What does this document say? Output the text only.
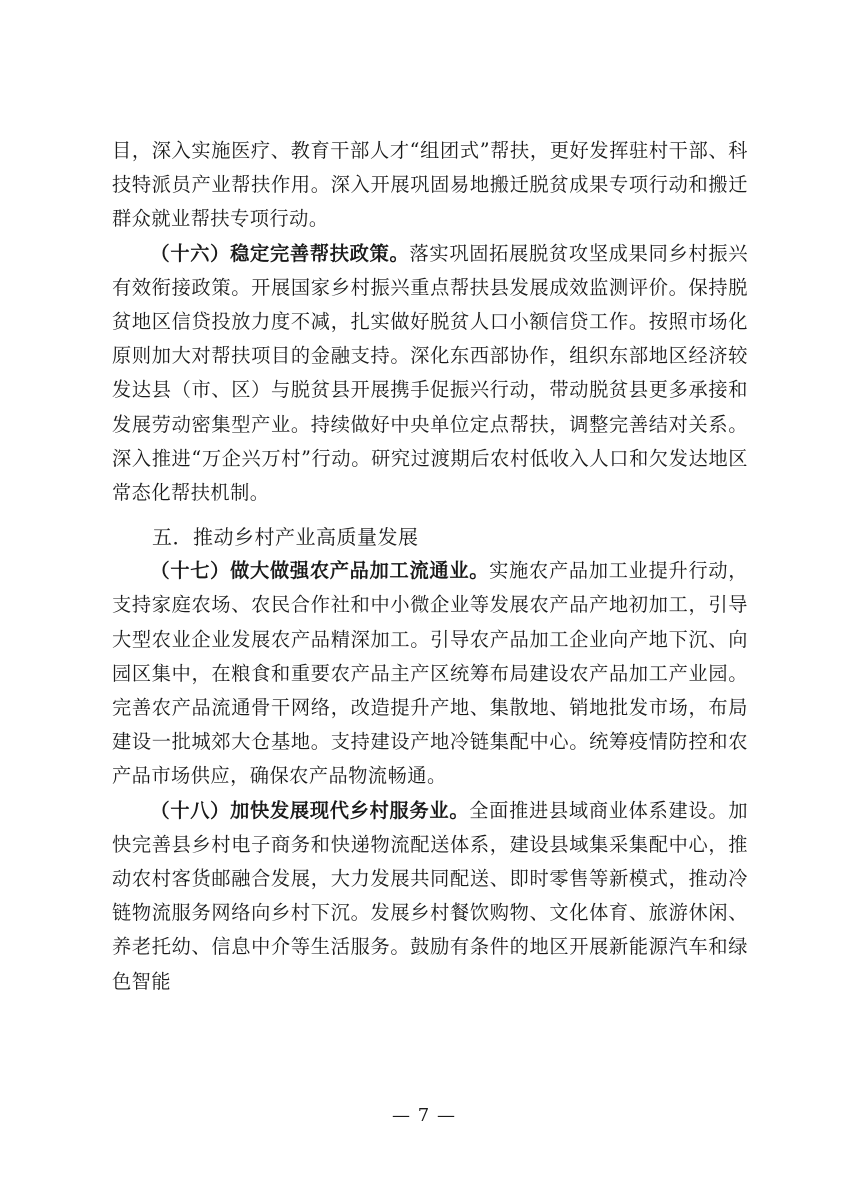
目，深入实施医疗、教育干部人才“组团式”帮扶，更好发挥驻村干部、科技特派员产业帮扶作用。深入开展巩固易地搬迁脱贫成果专项行动和搬迁群众就业帮扶专项行动。

（十六）稳定完善帮扶政策。落实巩固拓展脱贫攻坚成果同乡村振兴有效衔接政策。开展国家乡村振兴重点帮扶县发展成效监测评价。保持脱贫地区信贷投放力度不减，扎实做好脱贫人口小额信贷工作。按照市场化原则加大对帮扶项目的金融支持。深化东西部协作，组织东部地区经济较发达县（市、区）与脱贫县开展携手促振兴行动，带动脱贫县更多承接和发展劳动密集型产业。持续做好中央单位定点帮扶，调整完善结对关系。深入推进“万企兴万村”行动。研究过渡期后农村低收入人口和欠发达地区常态化帮扶机制。

五．推动乡村产业高质量发展

（十七）做大做强农产品加工流通业。实施农产品加工业提升行动，支持家庭农场、农民合作社和中小微企业等发展农产品产地初加工，引导大型农业企业发展农产品精深加工。引导农产品加工企业向产地下沉、向园区集中，在粮食和重要农产品主产区统筹布局建设农产品加工产业园。完善农产品流通骨干网络，改造提升产地、集散地、销地批发市场，布局建设一批城郊大仓基地。支持建设产地冷链集配中心。统筹疫情防控和农产品市场供应，确保农产品物流畅通。

（十八）加快发展现代乡村服务业。全面推进县域商业体系建设。加快完善县乡村电子商务和快递物流配送体系，建设县域集采集配中心，推动农村客货邮融合发展，大力发展共同配送、即时零售等新模式，推动冷链物流服务网络向乡村下沉。发展乡村餐饮购物、文化体育、旅游休闲、养老托幼、信息中介等生活服务。鼓励有条件的地区开展新能源汽车和绿色智能

— 7 —
